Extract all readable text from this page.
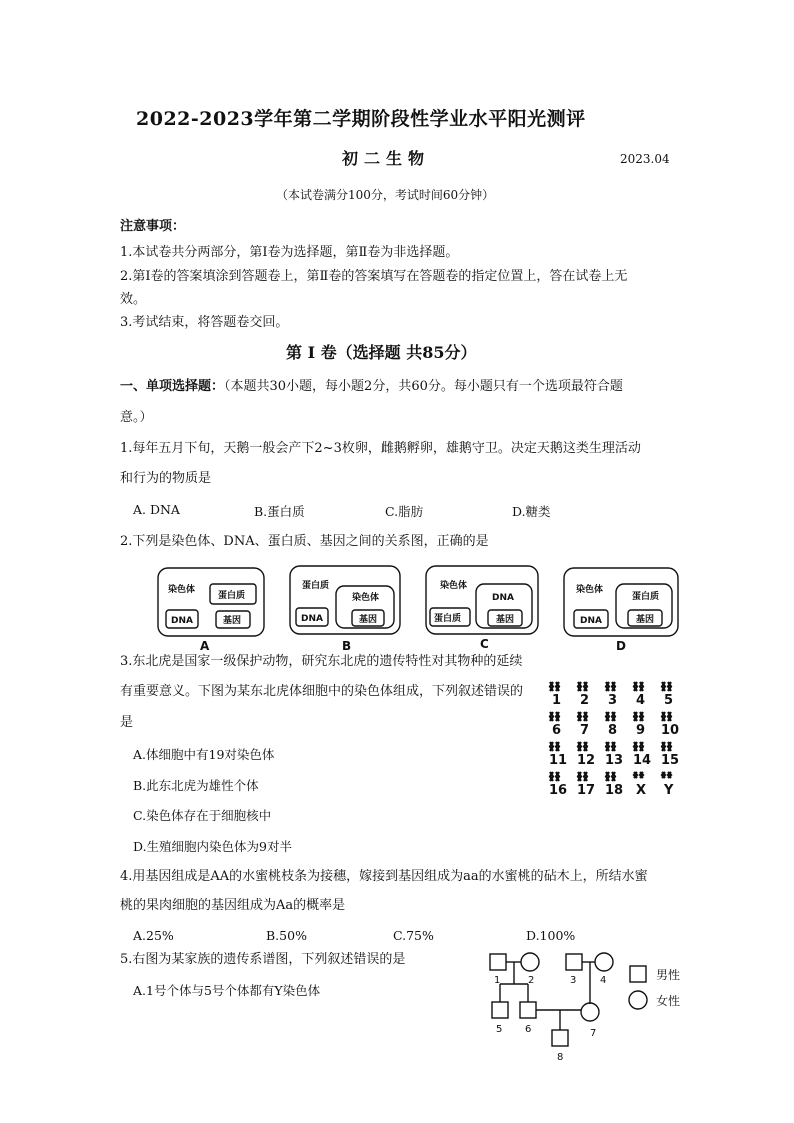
2022-2023学年第二学期阶段性学业水平阳光测评
初二生物	2023.04
（本试卷满分100分，考试时间60分钟）
注意事项：
1.本试卷共分两部分，第Ⅰ卷为选择题，第Ⅱ卷为非选择题。
2.第Ⅰ卷的答案填涂到答题卷上，第Ⅱ卷的答案填写在答题卷的指定位置上，答在试卷上无
效。
3.考试结束，将答题卷交回。
第 Ⅰ 卷（选择题 共85分）
一、单项选择题：（本题共30小题，每小题2分，共60分。每小题只有一个选项最符合题
意。）
1.每年五月下旬，天鹅一般会产下2~3枚卵，雌鹅孵卵，雄鹅守卫。决定天鹅这类生理活动
和行为的物质是
A. DNA	B.蛋白质	C.脂肪	D.糖类
2.下列是染色体、DNA、蛋白质、基因之间的关系图，正确的是
染色体
蛋白质
DNA	基因
蛋白质
染色体
DNA	基因
染色体
DNA
蛋白质	基因
染色体
蛋白质
DNA	基因
A	B	C	D
3.东北虎是国家一级保护动物，研究东北虎的遗传特性对其物种的延续
有重要意义。下图为某东北虎体细胞中的染色体组成，下列叙述错误的
是
A.体细胞中有19对染色体
B.此东北虎为雄性个体
C.染色体存在于细胞核中
D.生殖细胞内染色体为9对半
1 2 3 4 5
6 7 8 9 10
11 12 13 14 15
16 17 18 X Y
4.用基因组成是AA的水蜜桃枝条为接穗，嫁接到基因组成为aa的水蜜桃的砧木上，所结水蜜
桃的果肉细胞的基因组成为Aa的概率是
A.25%	B.50%	C.75%	D.100%
5.右图为某家族的遗传系谱图，下列叙述错误的是
A.1号个体与5号个体都有Y染色体
1	2	3 4
5 6	7
8
男性
女性
